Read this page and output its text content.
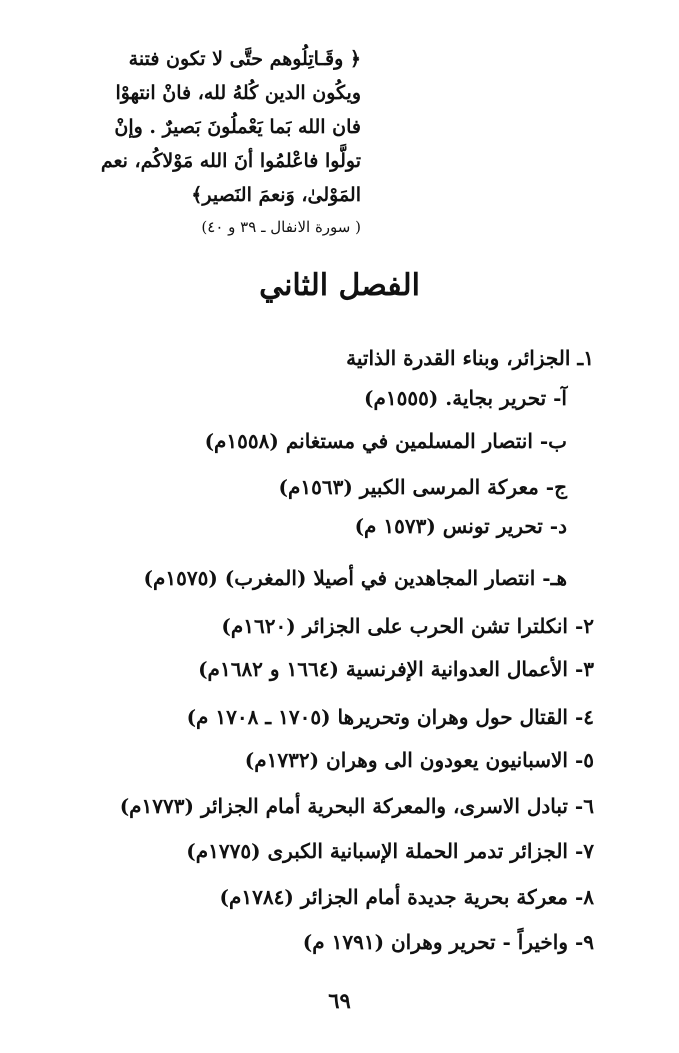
﴿ وقَـاتِلُوهم حتَّى لا تكون فتنة
ويكُون الدين كُلهُ لله، فانْ انتهوْا
فان الله بَما يَعْملُونَ بَصيرٌ . وإنْ
تولَّوا فاعْلمُوا أنَ الله مَوْلاكُم، نعم
المَوْلىٰ، وَنعمَ النَصير﴾
( سورة الانفال ـ ٣٩ و ٤٠)
الفصل الثاني
١ـ الجزائر، وبناء القدرة الذاتية
آ- تحرير بجاية. (١٥٥٥م)
ب- انتصار المسلمين في مستغانم (١٥٥٨م)
ج- معركة المرسى الكبير (١٥٦٣م)
د- تحرير تونس (١٥٧٣ م)
هـ- انتصار المجاهدين في أصيلا (المغرب) (١٥٧٥م)
٢- انكلترا تشن الحرب على الجزائر (١٦٢٠م)
٣- الأعمال العدوانية الإفرنسية (١٦٦٤ و ١٦٨٢م)
٤- القتال حول وهران وتحريرها (١٧٠٥ ـ ١٧٠٨ م)
٥- الاسبانيون يعودون الى وهران (١٧٣٢م)
٦- تبادل الاسرى، والمعركة البحرية أمام الجزائر (١٧٧٣م)
٧- الجزائر تدمر الحملة الإسبانية الكبرى (١٧٧٥م)
٨- معركة بحرية جديدة أمام الجزائر (١٧٨٤م)
٩- واخيراً - تحرير وهران (١٧٩١ م)
٦٩
